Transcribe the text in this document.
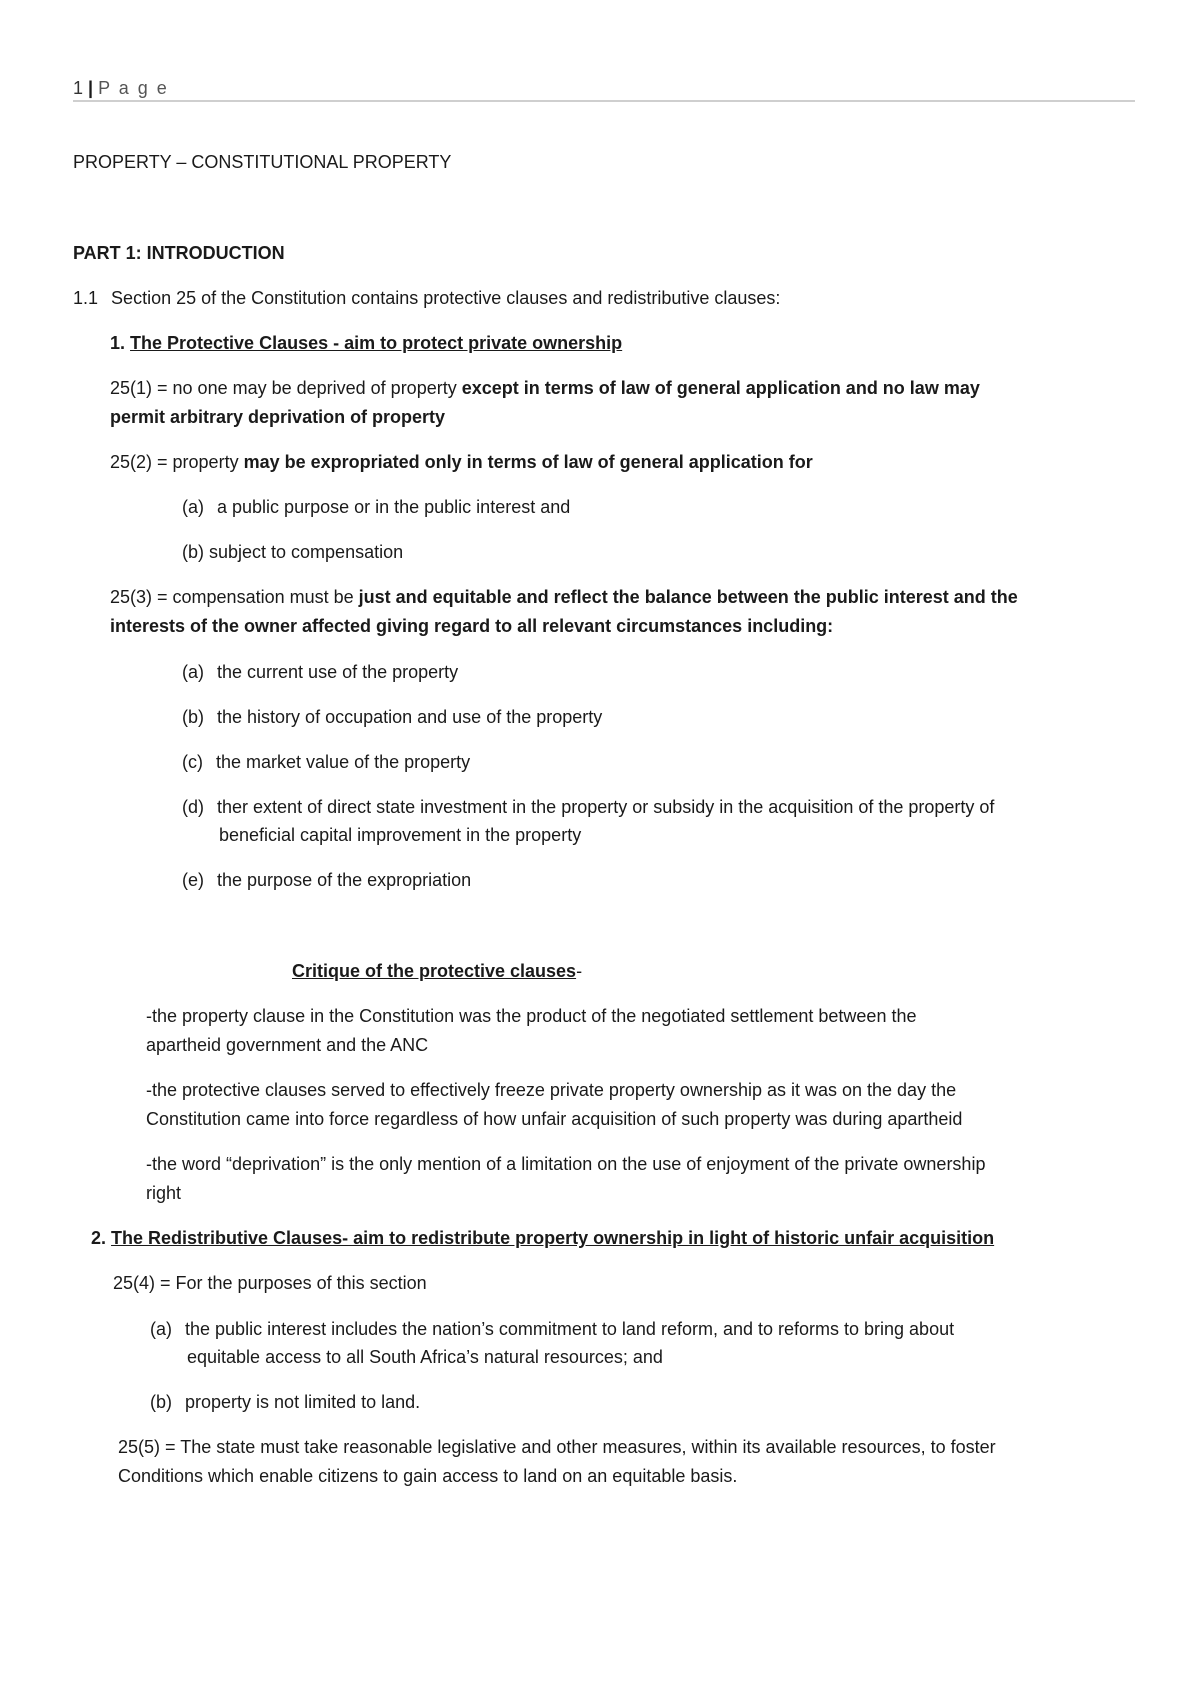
1 | P a g e
PROPERTY – CONSTITUTIONAL PROPERTY
PART 1: INTRODUCTION
1.1 Section 25 of the Constitution contains protective clauses and redistributive clauses:
1. The Protective Clauses - aim to protect private ownership
25(1) = no one may be deprived of property except in terms of law of general application and no law may
permit arbitrary deprivation of property
25(2) = property may be expropriated only in terms of law of general application for
(a) a public purpose or in the public interest and
(b) subject to compensation
25(3) = compensation must be just and equitable and reflect the balance between the public interest and the
interests of the owner affected giving regard to all relevant circumstances including:
(a) the current use of the property
(b) the history of occupation and use of the property
(c) the market value of the property
(d) ther extent of direct state investment in the property or subsidy in the acquisition of the property of
beneficial capital improvement in the property
(e) the purpose of the expropriation
Critique of the protective clauses-
-the property clause in the Constitution was the product of the negotiated settlement between the
apartheid government and the ANC
-the protective clauses served to effectively freeze private property ownership as it was on the day the
Constitution came into force regardless of how unfair acquisition of such property was during apartheid
-the word “deprivation” is the only mention of a limitation on the use of enjoyment of the private ownership
right
2. The Redistributive Clauses- aim to redistribute property ownership in light of historic unfair acquisition
25(4) = For the purposes of this section
(a) the public interest includes the nation’s commitment to land reform, and to reforms to bring about
equitable access to all South Africa’s natural resources; and
(b) property is not limited to land.
25(5) = The state must take reasonable legislative and other measures, within its available resources, to foster
Conditions which enable citizens to gain access to land on an equitable basis.
